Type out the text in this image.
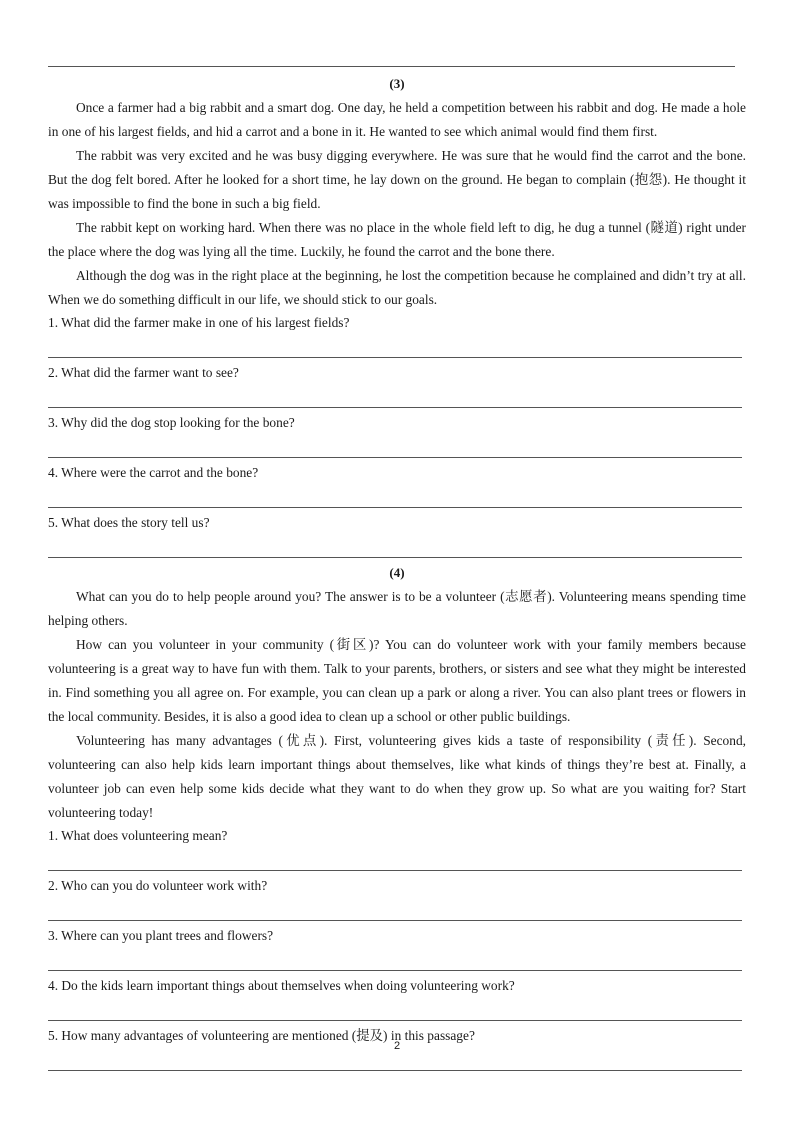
(3)

Once a farmer had a big rabbit and a smart dog. One day, he held a competition between his rabbit and dog. He made a hole in one of his largest fields, and hid a carrot and a bone in it. He wanted to see which animal would find them first.

The rabbit was very excited and he was busy digging everywhere. He was sure that he would find the carrot and the bone. But the dog felt bored. After he looked for a short time, he lay down on the ground. He began to complain (抱怨). He thought it was impossible to find the bone in such a big field.

The rabbit kept on working hard. When there was no place in the whole field left to dig, he dug a tunnel (隧道) right under the place where the dog was lying all the time. Luckily, he found the carrot and the bone there.

Although the dog was in the right place at the beginning, he lost the competition because he complained and didn’t try at all. When we do something difficult in our life, we should stick to our goals.

1. What did the farmer make in one of his largest fields?

2. What did the farmer want to see?

3. Why did the dog stop looking for the bone?

4. Where were the carrot and the bone?

5. What does the story tell us?

(4)

What can you do to help people around you? The answer is to be a volunteer (志愿者). Volunteering means spending time helping others.

How can you volunteer in your community (街区)? You can do volunteer work with your family members because volunteering is a great way to have fun with them. Talk to your parents, brothers, or sisters and see what they might be interested in. Find something you all agree on. For example, you can clean up a park or along a river. You can also plant trees or flowers in the local community. Besides, it is also a good idea to clean up a school or other public buildings.

Volunteering has many advantages (优点). First, volunteering gives kids a taste of responsibility (责任). Second, volunteering can also help kids learn important things about themselves, like what kinds of things they’re best at. Finally, a volunteer job can even help some kids decide what they want to do when they grow up. So what are you waiting for? Start volunteering today!

1. What does volunteering mean?

2. Who can you do volunteer work with?

3. Where can you plant trees and flowers?

4. Do the kids learn important things about themselves when doing volunteering work?

5. How many advantages of volunteering are mentioned (提及) in this passage?

2
